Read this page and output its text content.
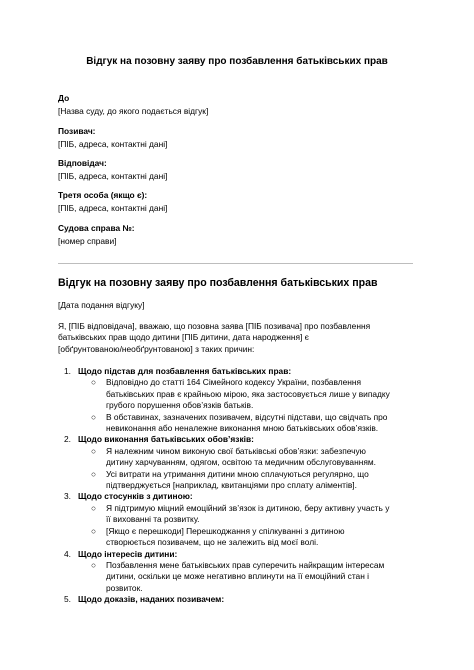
Відгук на позовну заяву про позбавлення батьківських прав
До
[Назва суду, до якого подається відгук]
Позивач:
[ПІБ, адреса, контактні дані]
Відповідач:
[ПІБ, адреса, контактні дані]
Третя особа (якщо є):
[ПІБ, адреса, контактні дані]
Судова справа №:
[номер справи]
Відгук на позовну заяву про позбавлення батьківських прав
[Дата подання відгуку]
Я, [ПІБ відповідача], вважаю, що позовна заява [ПІБ позивача] про позбавлення
батьківських прав щодо дитини [ПІБ дитини, дата народження] є
[обґрунтованою/необґрунтованою] з таких причин:
1. Щодо підстав для позбавлення батьківських прав:
○ Відповідно до статті 164 Сімейного кодексу України, позбавлення
батьківських прав є крайньою мірою, яка застосовується лише у випадку
грубого порушення обов’язків батьків.
○ В обставинах, зазначених позивачем, відсутні підстави, що свідчать про
невиконання або неналежне виконання мною батьківських обов’язків.
2. Щодо виконання батьківських обов’язків:
○ Я належним чином виконую свої батьківські обов’язки: забезпечую
дитину харчуванням, одягом, освітою та медичним обслуговуванням.
○ Усі витрати на утримання дитини мною сплачуються регулярно, що
підтверджується [наприклад, квитанціями про сплату аліментів].
3. Щодо стосунків з дитиною:
○ Я підтримую міцний емоційний зв’язок із дитиною, беру активну участь у
її вихованні та розвитку.
○ [Якщо є перешкоди] Перешкоджання у спілкуванні з дитиною
створюється позивачем, що не залежить від моєї волі.
4. Щодо інтересів дитини:
○ Позбавлення мене батьківських прав суперечить найкращим інтересам
дитини, оскільки це може негативно вплинути на її емоційний стан і
розвиток.
5. Щодо доказів, наданих позивачем:
